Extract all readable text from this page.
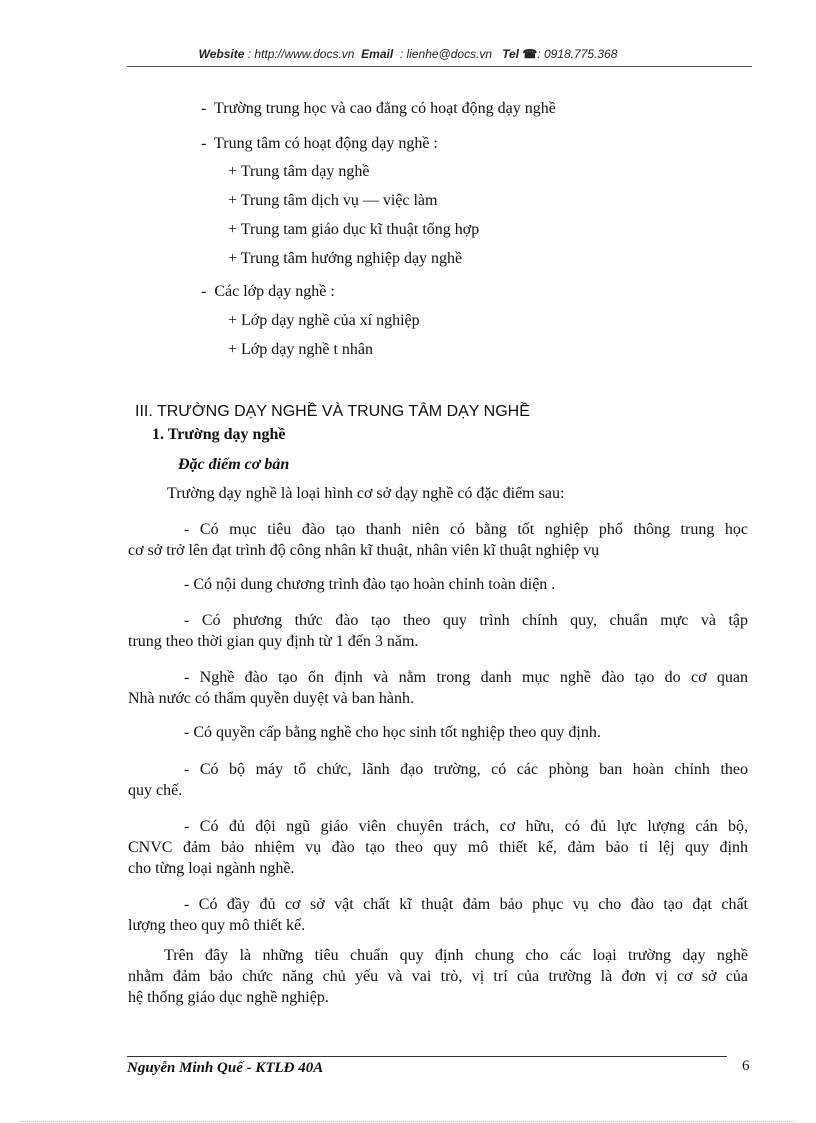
Website : http://www.docs.vn Email : lienhe@docs.vn Tel ☎: 0918.775.368
- Trường trung học và cao đẳng có hoạt động dạy nghề
- Trung tâm có hoạt động dạy nghề :
+ Trung tâm dạy nghề
+ Trung tâm dịch vụ — việc làm
+ Trung tam giáo dục kĩ thuật tổng hợp
+ Trung tâm hướng nghiệp dạy nghề
- Các lớp dạy nghề :
+ Lớp dạy nghề của xí nghiệp
+ Lớp dạy nghề t nhân
III. TRƯỜNG DẠY NGHỀ VÀ TRUNG TÂM DẠY NGHỀ
1. Trường dạy nghề
Đặc điểm cơ bản
Trường dạy nghề là loại hình cơ sở dạy nghề có đặc điểm sau:
- Có mục tiêu đào tạo thanh niên có bằng tốt nghiệp phổ thông trung học
cơ sở trở lên đạt trình độ công nhân kĩ thuật, nhân viên kĩ thuật nghiệp vụ
- Có nội dung chương trình đào tạo hoàn chỉnh toàn diện .
- Có phương thức đào tạo theo quy trình chính quy, chuẩn mực và tập
trung theo thời gian quy định từ 1 đến 3 năm.
- Nghề đào tạo ổn định và nằm trong danh mục nghề đào tạo do cơ quan
Nhà nước có thẩm quyền duyệt và ban hành.
- Có quyền cấp bằng nghề cho học sinh tốt nghiệp theo quy định.
- Có bộ máy tổ chức, lãnh đạo trường, có các phòng ban hoàn chỉnh theo
quy chế.
- Có đủ đội ngũ giáo viên chuyên trách, cơ hữu, có đủ lực lượng cán bộ,
CNVC đảm bảo nhiệm vụ đào tạo theo quy mô thiết kế, đảm bảo tỉ lệj quy định
cho từng loại ngành nghề.
- Có đầy đủ cơ sở vật chất kĩ thuật đảm bảo phục vụ cho đào tạo đạt chất
lượng theo quy mô thiết kế.
Trên đây là những tiêu chuẩn quy định chung cho các loại trường dạy nghề
nhằm đảm bảo chức năng chủ yếu và vai trò, vị trí của trường là đơn vị cơ sở của
hệ thống giáo dục nghề nghiệp.
Nguyễn Minh Quế - KTLĐ 40A	6
